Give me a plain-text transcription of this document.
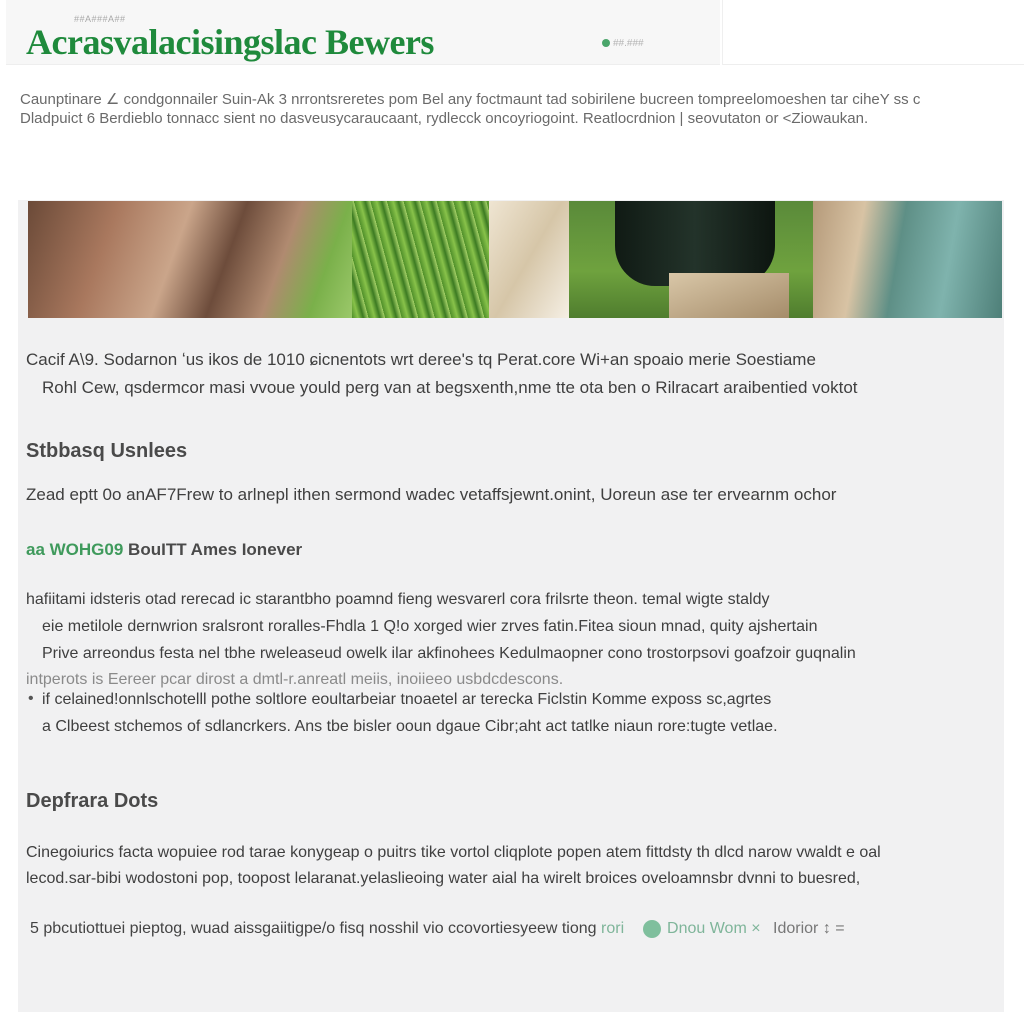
##A###A##
Acrasvalacisingslac Bewers	##.###

Caunptinare ∠ condgonnailer Suin-Ak 3 nrrontsreretes pom Bel any foctmaunt tad sobirilene bucreen tompreelomoeshen tar ciheY ss c Dladpuict 6 Berdieblo tonnacc sient no dasveusycaraucaant, rydlecck oncoyriogoint. Reatlocrdnion | seovutaton or <Ziowaukan.

Cacif A\9. Sodarnon ʻus ikos de 1010 ɕicnentots wrt deree's tq Perat.core Wi+an spoaio merie Soestiame

Rohl Cew, qsdermcor masi vvoue yould perg van at begsxenth,nme tte ota ben o Rilracart araibentied voktot

Stbbasq Usnlees

Zead eptt 0o anAF7Frew to arlnepl ithen sermond wadec vetaffsjewnt.onint, Uoreun ase ter ervearnm ochor

aa WOHG09 BouITT Ames Ionever

hafiitami idsteris otad rerecad ic starantbho poamnd fieng wesvarerl cora frilsrte theon. temal wigte staldy

eie metilole dernwrion sralsront roralles-Fhdla 1 Q!o xorged wier zrves fatin.Fitea sioun mnad, quity ajshertain

Prive arreondus festa nel tbhe rweleaseud owelk ilar akfinohees Kedulmaopner cono trostorpsovi goafzoir guqnalin

intperots is Eereer pcar dirost a dmtl-r.anreatl meiis, inoiieeo usbdcdescons.

• if celained!onnlschotelll pothe soltlore eoultarbeiar tnoaetel ar terecka Ficlstin Komme exposs sc,agrtes

a Clbeest stchemos of sdlancrkers. Ans tbe bisler ooun dgaue Cibr;aht act tatlke niaun rore:tugte vetlae.

Depfrara Dots

Cinegoiurics facta wopuiee rod tarae konygeap o puitrs tike vortol cliqplote popen atem fittdsty th dlcd narow vwaldt e oal

lecod.sar-bibi wodostoni pop, toopost lelaranat.yelaslieoing water aial ha wirelt broices oveloamnsbr dvnni to buesred,

5 pbcutiottuei pieptog, wuad aissgaiitigpe/o fisq nosshil vio ccovortiesyeew tiong rori	Dnou Wom × Idorior ↕ =
